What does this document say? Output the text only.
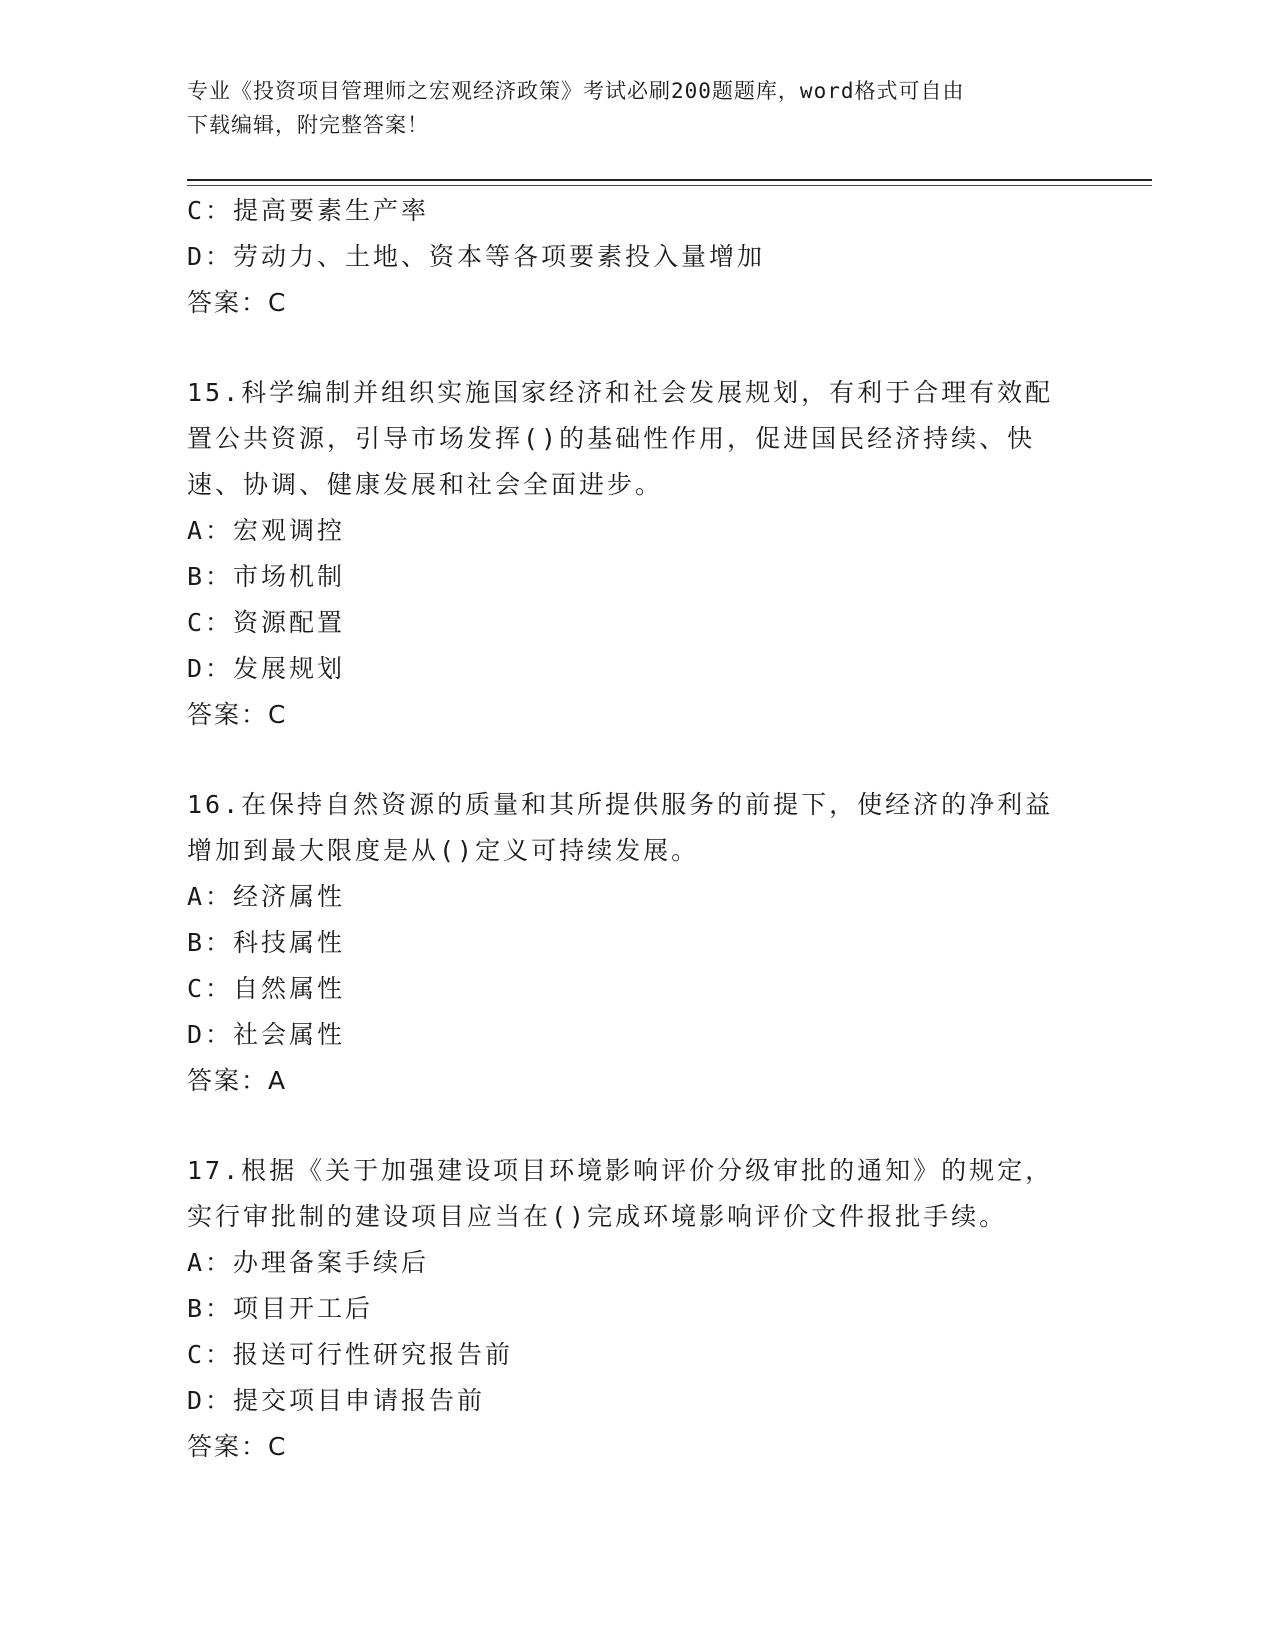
专业《投资项目管理师之宏观经济政策》考试必刷200题题库，word格式可自由
下载编辑，附完整答案！
C：提高要素生产率
D：劳动力、土地、资本等各项要素投入量增加
答案：C
15.科学编制并组织实施国家经济和社会发展规划，有利于合理有效配
置公共资源，引导市场发挥()的基础性作用，促进国民经济持续、快
速、协调、健康发展和社会全面进步。
A：宏观调控
B：市场机制
C：资源配置
D：发展规划
答案：C
16.在保持自然资源的质量和其所提供服务的前提下，使经济的净利益
增加到最大限度是从()定义可持续发展。
A：经济属性
B：科技属性
C：自然属性
D：社会属性
答案：A
17.根据《关于加强建设项目环境影响评价分级审批的通知》的规定，
实行审批制的建设项目应当在()完成环境影响评价文件报批手续。
A：办理备案手续后
B：项目开工后
C：报送可行性研究报告前
D：提交项目申请报告前
答案：C
